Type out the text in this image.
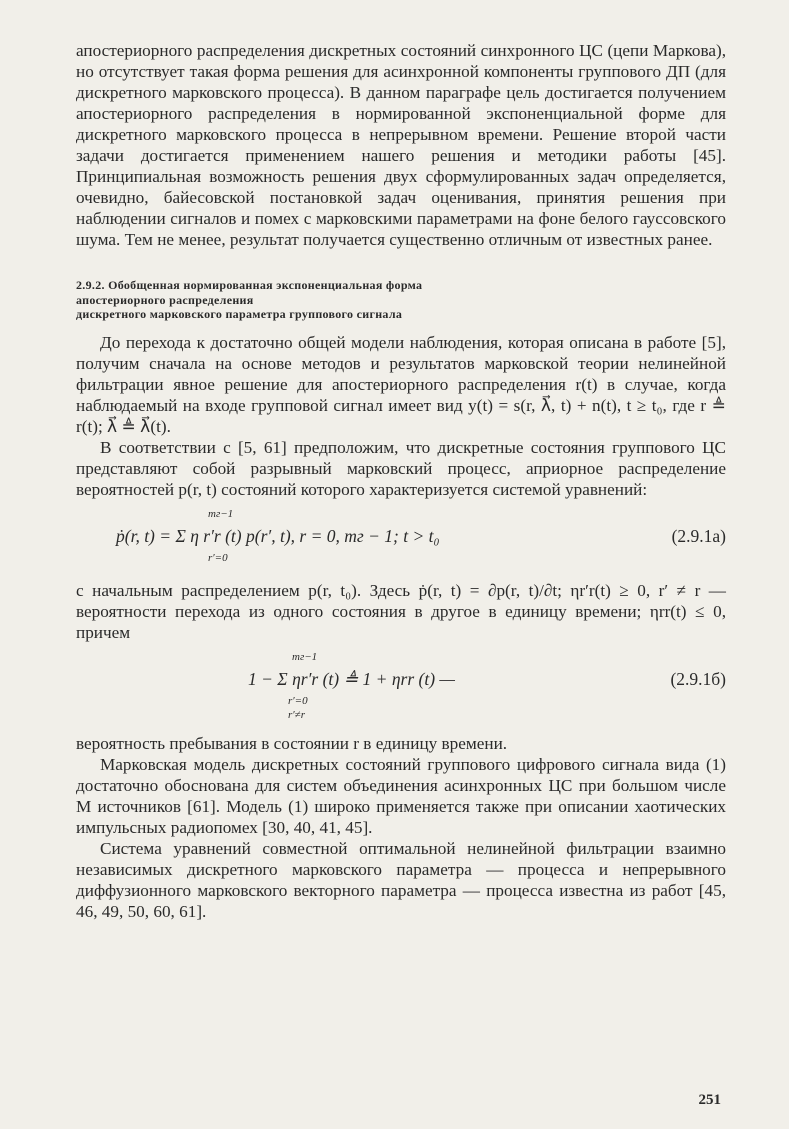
апостериорного распределения дискретных состояний синхронного ЦС (цепи Маркова), но отсутствует такая форма решения для асинхронной компоненты группового ДП (для дискретного марковского процесса). В данном параграфе цель достигается получением апостериорного распределения в нормированной экспоненциальной форме для дискретного марковского процесса в непрерывном времени. Решение второй части задачи достигается применением нашего решения и методики работы [45]. Принципиальная возможность решения двух сформулированных задач определяется, очевидно, байесовской постановкой задач оценивания, принятия решения при наблюдении сигналов и помех с марковскими параметрами на фоне белого гауссовского шума. Тем не менее, результат получается существенно отличным от известных ранее.

2.9.2. Обобщенная нормированная экспоненциальная форма
апостериорного распределения
дискретного марковского параметра группового сигнала

До перехода к достаточно общей модели наблюдения, которая описана в работе [5], получим сначала на основе методов и результатов марковской теории нелинейной фильтрации явное решение для апостериорного распределения r(t) в случае, когда наблюдаемый на входе групповой сигнал имеет вид y(t) = s(r, λ⃗, t) + n(t), t ≥ t₀, где r ≜ r(t); λ⃗ ≜ λ⃗(t).

В соответствии с [5, 61] предположим, что дискретные состояния группового ЦС представляют собой разрывный марковский процесс, априорное распределение вероятностей p(r, t) состояний которого характеризуется системой уравнений:

mг−1
ṗ(r, t) = Σ η r′r (t) p(r′, t), r = 0, mг − 1; t > t₀
r′=0
(2.9.1а)

с начальным распределением p(r, t₀). Здесь ṗ(r, t) = ∂p(r, t)/∂t; ηr′r(t) ≥ 0, r′ ≠ r — вероятности перехода из одного состояния в другое в единицу времени; ηrr(t) ≤ 0, причем

mг−1
1 − Σ ηr′r (t) ≜ 1 + ηrr (t) —
r′=0
r′≠r
(2.9.1б)

вероятность пребывания в состоянии r в единицу времени.

Марковская модель дискретных состояний группового цифрового сигнала вида (1) достаточно обоснована для систем объединения асинхронных ЦС при большом числе M источников [61]. Модель (1) широко применяется также при описании хаотических импульсных радиопомех [30, 40, 41, 45].

Система уравнений совместной оптимальной нелинейной фильтрации взаимно независимых дискретного марковского параметра — процесса и непрерывного диффузионного марковского векторного параметра — процесса известна из работ [45, 46, 49, 50, 60, 61].

251
